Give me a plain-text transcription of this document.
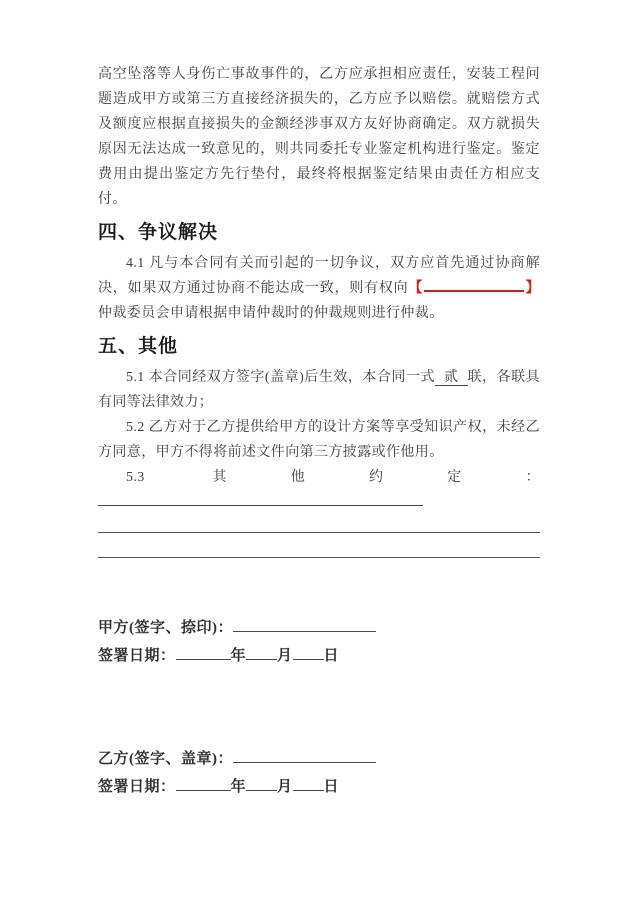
高空坠落等人身伤亡事故事件的，乙方应承担相应责任，安装工程问题造成甲方或第三方直接经济损失的，乙方应予以赔偿。就赔偿方式及额度应根据直接损失的金额经涉事双方友好协商确定。双方就损失原因无法达成一致意见的，则共同委托专业鉴定机构进行鉴定。鉴定费用由提出鉴定方先行垫付，最终将根据鉴定结果由责任方相应支付。

四、争议解决

4.1 凡与本合同有关而引起的一切争议，双方应首先通过协商解决，如果双方通过协商不能达成一致，则有权向【	】仲裁委员会申请根据申请仲裁时的仲裁规则进行仲裁。

五、其他

5.1 本合同经双方签字(盖章)后生效，本合同一式 贰 联，各联具有同等法律效力；

5.2 乙方对于乙方提供给甲方的设计方案等享受知识产权，未经乙方同意，甲方不得将前述文件向第三方披露或作他用。

5.3 其他约定：

甲方(签字、捺印)：
签署日期：	年 月 日
乙方(签字、盖章)：
签署日期：	年 月 日
